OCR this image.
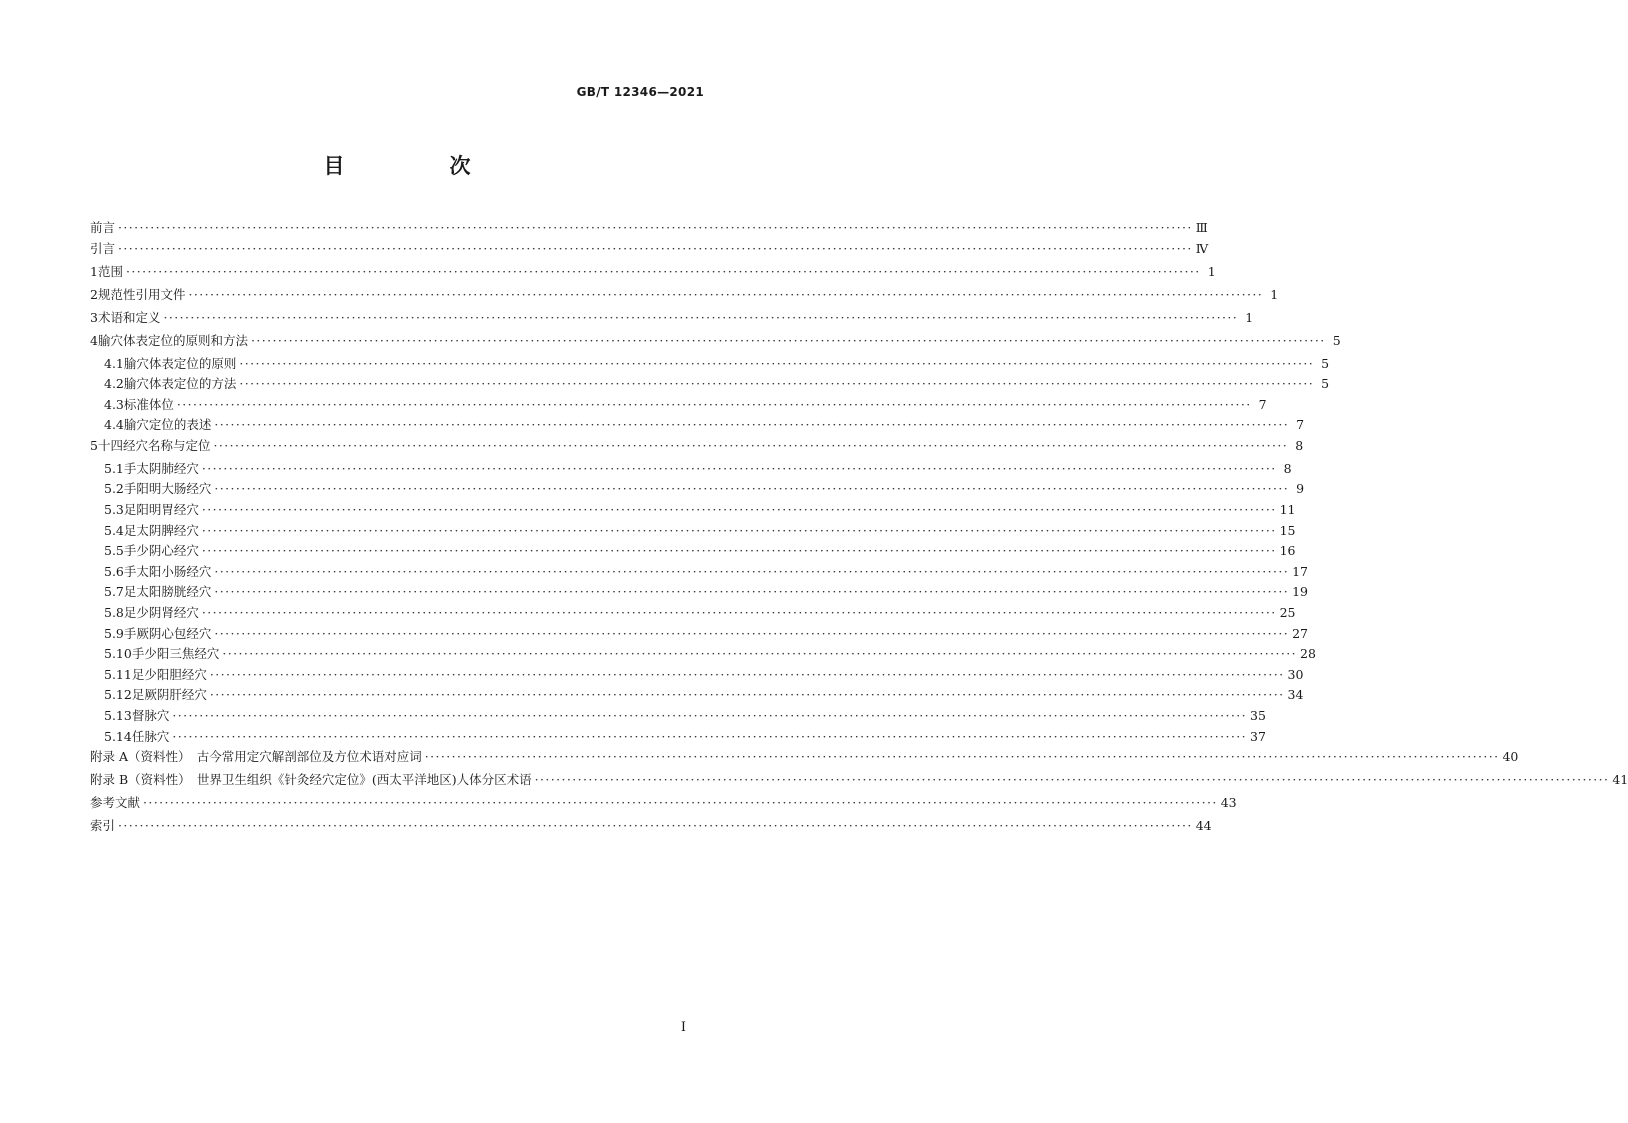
GB/T 12346—2021
目　次
前言 ········································································································································································································ Ⅲ
引言 ········································································································································································································ Ⅳ
1 范围 ········································································································································································································ 1
2 规范性引用文件 ········································································································································································································ 1
3 术语和定义 ········································································································································································································ 1
4 腧穴体表定位的原则和方法 ········································································································································································································ 5
4.1 腧穴体表定位的原则 ········································································································································································································ 5
4.2 腧穴体表定位的方法 ········································································································································································································ 5
4.3 标准体位 ········································································································································································································ 7
4.4 腧穴定位的表述 ········································································································································································································ 7
5 十四经穴名称与定位 ········································································································································································································ 8
5.1 手太阴肺经穴 ········································································································································································································ 8
5.2 手阳明大肠经穴 ········································································································································································································ 9
5.3 足阳明胃经穴 ········································································································································································································ 11
5.4 足太阴脾经穴 ········································································································································································································ 15
5.5 手少阴心经穴 ········································································································································································································ 16
5.6 手太阳小肠经穴 ········································································································································································································ 17
5.7 足太阳膀胱经穴 ········································································································································································································ 19
5.8 足少阴肾经穴 ········································································································································································································ 25
5.9 手厥阴心包经穴 ········································································································································································································ 27
5.10 手少阳三焦经穴 ········································································································································································································ 28
5.11 足少阳胆经穴 ········································································································································································································ 30
5.12 足厥阴肝经穴 ········································································································································································································ 34
5.13 督脉穴 ········································································································································································································ 35
5.14 任脉穴 ········································································································································································································ 37
附录 A（资料性）　古今常用定穴解剖部位及方位术语对应词 ········································································································································································································ 40
附录 B（资料性）　世界卫生组织《针灸经穴定位》(西太平洋地区)人体分区术语 ········································································································································································································ 41
参考文献 ········································································································································································································ 43
索引 ········································································································································································································ 44
Ⅰ
